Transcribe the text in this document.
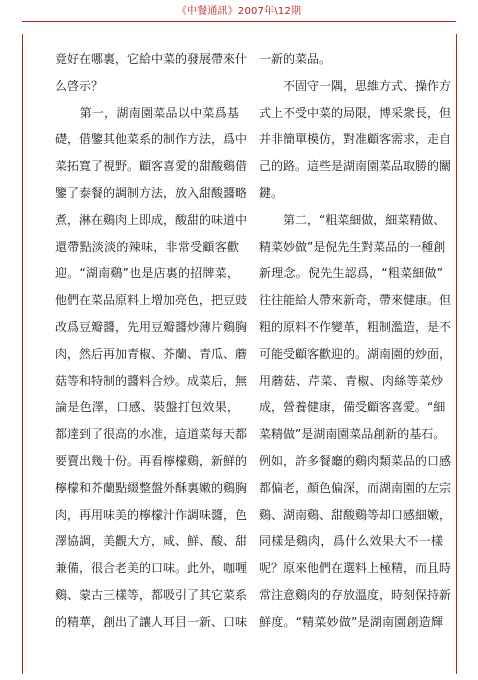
《中餐通訊》2007年\12期
竟好在哪裏，它給中菜的發展帶來什
么啓示？
　　第一，湖南園菜品以中菜爲基
礎，借鑒其他菜系的制作方法，爲中
菜拓寬了視野。顧客喜愛的甜酸鷄借
鑒了泰餐的調制方法，放入甜酸醬略
煮，淋在鷄肉上即成，酸甜的味道中
還帶點淡淡的辣味，非常受顧客歡
迎。“湖南鷄”也是店裏的招牌菜，
他們在菜品原料上增加亮色，把豆豉
改爲豆瓣醬，先用豆瓣醬炒薄片鷄胸
肉，然后再加青椒、芥蘭、青瓜、蘑
菇等和特制的醬料合炒。成菜后，無
論是色澤，口感、裝盤打包效果，
都達到了很高的水准，這道菜每天都
要賣出幾十份。再看檸檬鷄，新鮮的
檸檬和芥蘭點綴整盤外酥裏嫩的鷄胸
肉，再用味美的檸檬汁作調味醬，色
澤協調，美觀大方，咸、鮮、酸、甜
兼備，很合老美的口味。此外，咖喱
鷄、蒙古三樣等，都吸引了其它菜系
的精華，創出了讓人耳目一新、口味
一新的菜品。
　　不固守一隅，思維方式、操作方
式上不受中菜的局限，博采衆長，但
并非簡單模仿，對准顧客需求，走自
己的路。這些是湖南園菜品取勝的關
鍵。
　　第二，“粗菜細做，細菜精做、
精菜妙做”是倪先生對菜品的一種創
新理念。倪先生認爲，“粗菜細做”
往往能給人帶來新奇，帶來健康。但
粗的原料不作變革，粗制濫造，是不
可能受顧客歡迎的。湖南園的炒面，
用蘑菇、芹菜、青椒、肉絲等菜炒
成，營養健康，備受顧客喜愛。“細
菜精做”是湖南園菜品創新的基石。
例如，許多餐廳的鷄肉類菜品的口感
都偏老，顏色偏深，而湖南園的左宗
鷄、湖南鷄、甜酸鷄等却口感細嫩，
同樣是鷄肉，爲什么效果大不一樣
呢？原來他們在選料上極精，而且時
常注意鷄肉的存放溫度，時刻保持新
鮮度。“精菜妙做”是湖南園創造輝
